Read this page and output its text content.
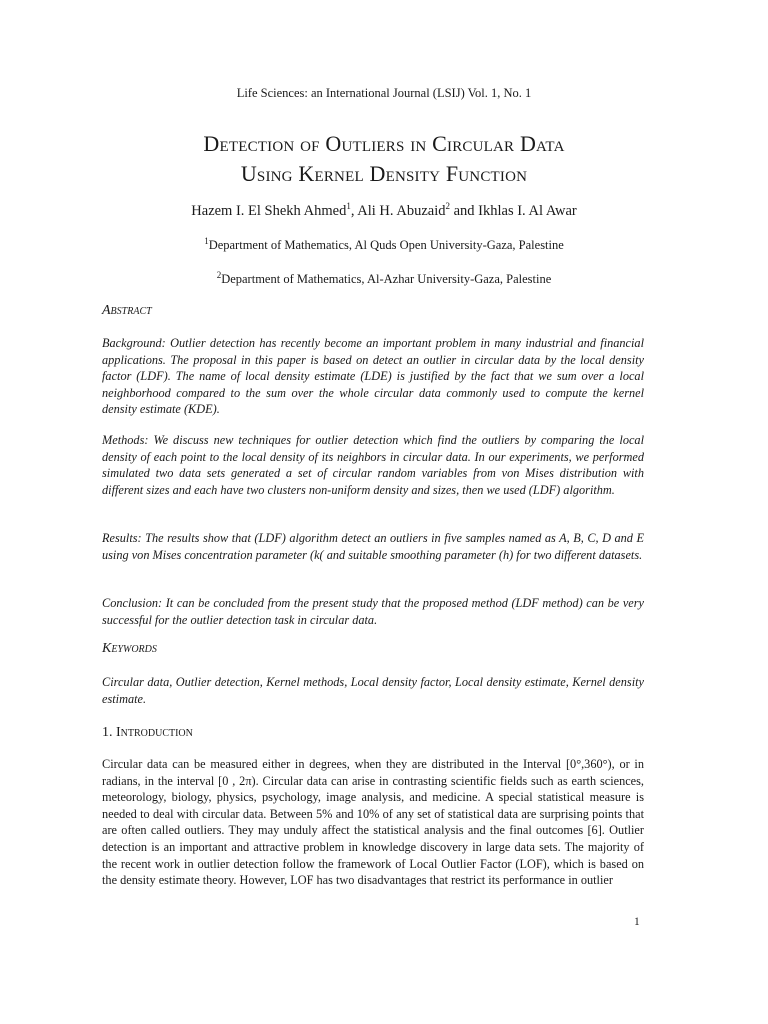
Life Sciences: an International Journal (LSIJ) Vol. 1, No. 1
Detection of Outliers in Circular Data
Using Kernel Density Function
Hazem I. El Shekh Ahmed$^1$, Ali H. Abuzaid$^2$ and Ikhlas I. Al Awar
$^1$Department of Mathematics, Al Quds Open University-Gaza, Palestine
$^2$Department of Mathematics, Al-Azhar University-Gaza, Palestine
Abstract

Background: Outlier detection has recently become an important problem in many industrial and financial applications. The proposal in this paper is based on detect an outlier in circular data by the local density factor (LDF). The name of local density estimate (LDE) is justified by the fact that we sum over a local neighborhood compared to the sum over the whole circular data commonly used to compute the kernel density estimate (KDE).

Methods: We discuss new techniques for outlier detection which find the outliers by comparing the local density of each point to the local density of its neighbors in circular data. In our experiments, we performed simulated two data sets generated a set of circular random variables from von Mises distribution with different sizes and each have two clusters non-uniform density and sizes, then we used (LDF) algorithm.

Results: The results show that (LDF) algorithm detect an outliers in five samples named as A, B, C, D and E using von Mises concentration parameter (k( and suitable smoothing parameter (h) for two different datasets.

Conclusion: It can be concluded from the present study that the proposed method (LDF method) can be very successful for the outlier detection task in circular data.

Keywords

Circular data, Outlier detection, Kernel methods, Local density factor, Local density estimate, Kernel density estimate.

1. Introduction

Circular data can be measured either in degrees, when they are distributed in the Interval [0°,360°), or in radians, in the interval [0 , 2π). Circular data can arise in contrasting scientific fields such as earth sciences, meteorology, biology, physics, psychology, image analysis, and medicine. A special statistical measure is needed to deal with circular data. Between 5% and 10% of any set of statistical data are surprising points that are often called outliers. They may unduly affect the statistical analysis and the final outcomes [6]. Outlier detection is an important and attractive problem in knowledge discovery in large data sets. The majority of the recent work in outlier detection follow the framework of Local Outlier Factor (LOF), which is based on the density estimate theory. However, LOF has two disadvantages that restrict its performance in outlier

1
